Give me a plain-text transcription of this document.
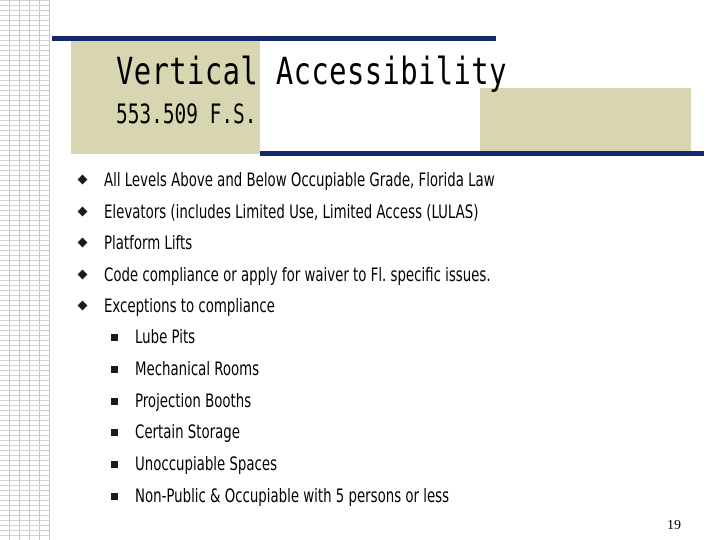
Vertical Accessibility
553.509 F.S.
All Levels Above and Below Occupiable Grade, Florida Law
Elevators (includes Limited Use, Limited Access (LULAS)
Platform Lifts
Code compliance or apply for waiver to Fl. specific issues.
Exceptions to compliance
Lube Pits
Mechanical Rooms
Projection Booths
Certain Storage
Unoccupiable Spaces
Non-Public & Occupiable with 5 persons or less
19
